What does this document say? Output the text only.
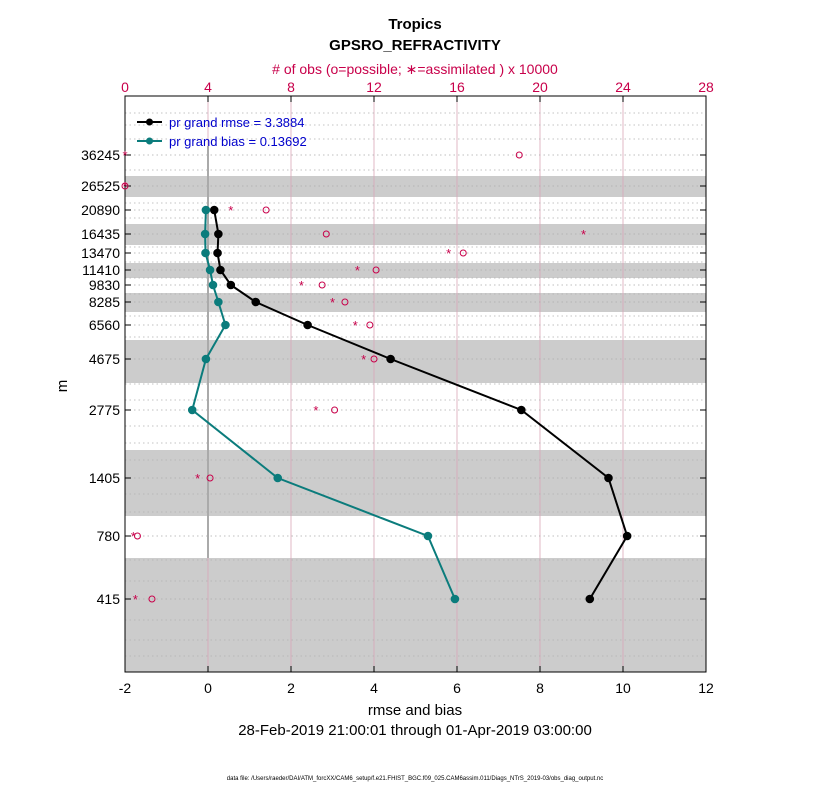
-2	0	2	4	6	8	10	12
0	4	8	12	16	20	24	28
36245
26525
20890
16435
13470
11410
9830
8285
6560
4675
2775
1405
780
415
*
*
*
*
*
*
*
*
*
*
*
*
*
*
pr grand rmse = 3.3884
pr grand bias = 0.13692
Tropics
GPSRO_REFRACTIVITY
# of obs (o=possible; ∗=assimilated ) x 10000
rmse and bias
28-Feb-2019 21:00:01 through 01-Apr-2019 03:00:00
m
data file: /Users/raeder/DAI/ATM_forcXX/CAM6_setup/f.e21.FHIST_BGC.f09_025.CAM6assim.011/Diags_NTrS_2019-03/obs_diag_output.nc
